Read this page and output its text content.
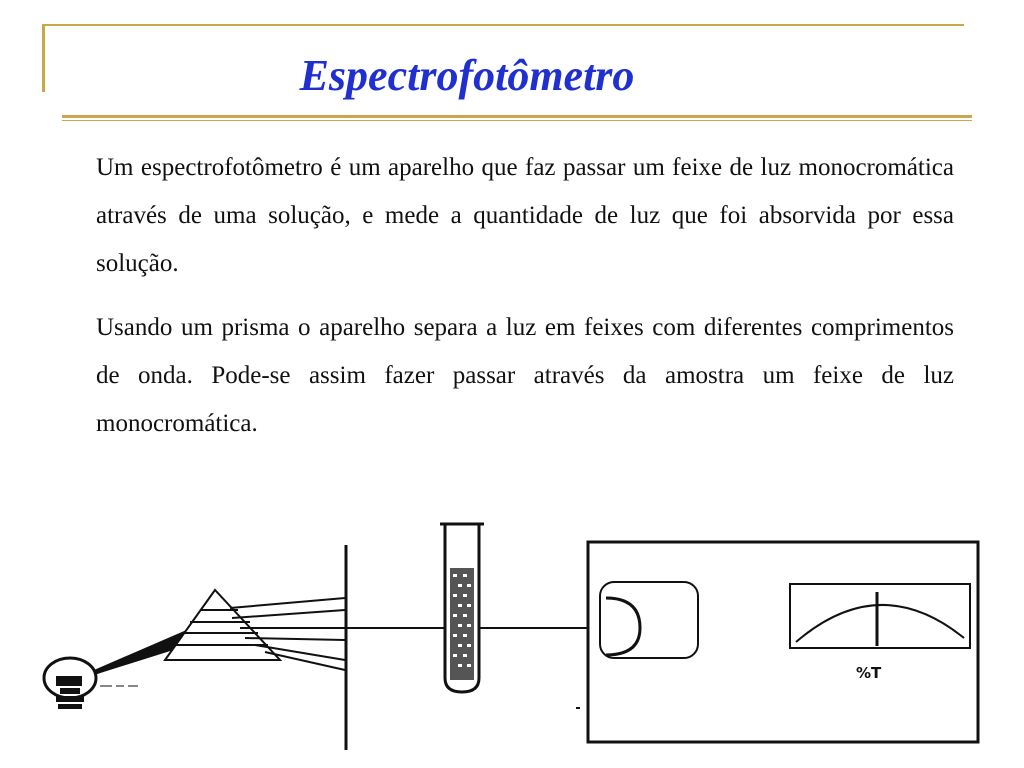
Espectrofotômetro

Um espectrofotômetro é um aparelho que faz passar um feixe de luz monocromática através de uma solução, e mede a quantidade de luz que foi absorvida por essa solução.

Usando um prisma o aparelho separa a luz em feixes com diferentes comprimentos de onda. Pode-se assim fazer passar através da amostra um feixe de luz monocromática.

%T
